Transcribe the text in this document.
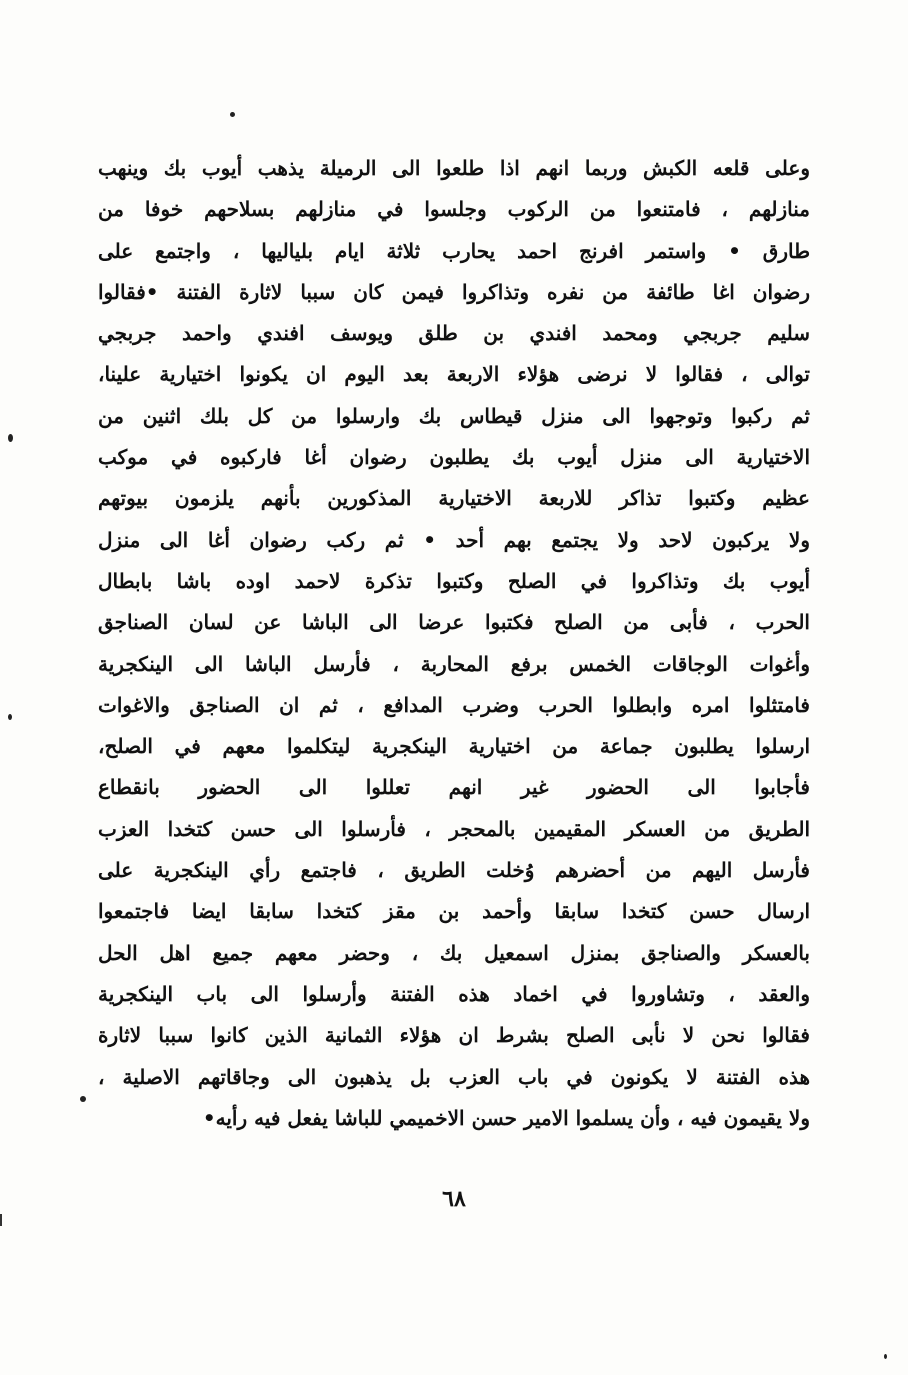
وعلى قلعه الكبش وربما انهم اذا طلعوا الى الرميلة يذهب أيوب بك وينهب
منازلهم ، فامتنعوا من الركوب وجلسوا في منازلهم بسلاحهم خوفا من
طارق • واستمر افرنج احمد يحارب ثلاثة ايام بلياليها ، واجتمع على
رضوان اغا طائفة من نفره وتذاكروا فيمن كان سببا لاثارة الفتنة •فقالوا
سليم جربجي ومحمد افندي بن طلق ويوسف افندي واحمد جربجي
توالى ، فقالوا لا نرضى هؤلاء الاربعة بعد اليوم ان يكونوا اختيارية علينا،
ثم ركبوا وتوجهوا الى منزل قيطاس بك وارسلوا من كل بلك اثنين من
الاختيارية الى منزل أيوب بك يطلبون رضوان أغا فاركبوه في موكب
عظيم وكتبوا تذاكر للاربعة الاختيارية المذكورين بأنهم يلزمون بيوتهم
ولا يركبون لاحد ولا يجتمع بهم أحد • ثم ركب رضوان أغا الى منزل
أيوب بك وتذاكروا في الصلح وكتبوا تذكرة لاحمد اوده باشا بابطال
الحرب ، فأبى من الصلح فكتبوا عرضا الى الباشا عن لسان الصناجق
وأغوات الوجاقات الخمس برفع المحاربة ، فأرسل الباشا الى الينكجرية
فامتثلوا امره وابطلوا الحرب وضرب المدافع ، ثم ان الصناجق والاغوات
ارسلوا يطلبون جماعة من اختيارية الينكجرية ليتكلموا معهم في الصلح،
فأجابوا الى الحضور غير انهم تعللوا الى الحضور بانقطاع
الطريق من العسكر المقيمين بالمحجر ، فأرسلوا الى حسن كتخدا العزب
فأرسل اليهم من أحضرهم وُخلت الطريق ، فاجتمع رأي الينكجرية على
ارسال حسن كتخدا سابقا وأحمد بن مقز كتخدا سابقا ايضا فاجتمعوا
بالعسكر والصناجق بمنزل اسمعيل بك ، وحضر معهم جميع اهل الحل
والعقد ، وتشاوروا في اخماد هذه الفتنة وأرسلوا الى باب الينكجرية
فقالوا نحن لا نأبى الصلح بشرط ان هؤلاء الثمانية الذين كانوا سببا لاثارة
هذه الفتنة لا يكونون في باب العزب بل يذهبون الى وجاقاتهم الاصلية ،
ولا يقيمون فيه ، وأن يسلموا الامير حسن الاخميمي للباشا يفعل فيه رأيه•
٦٨
